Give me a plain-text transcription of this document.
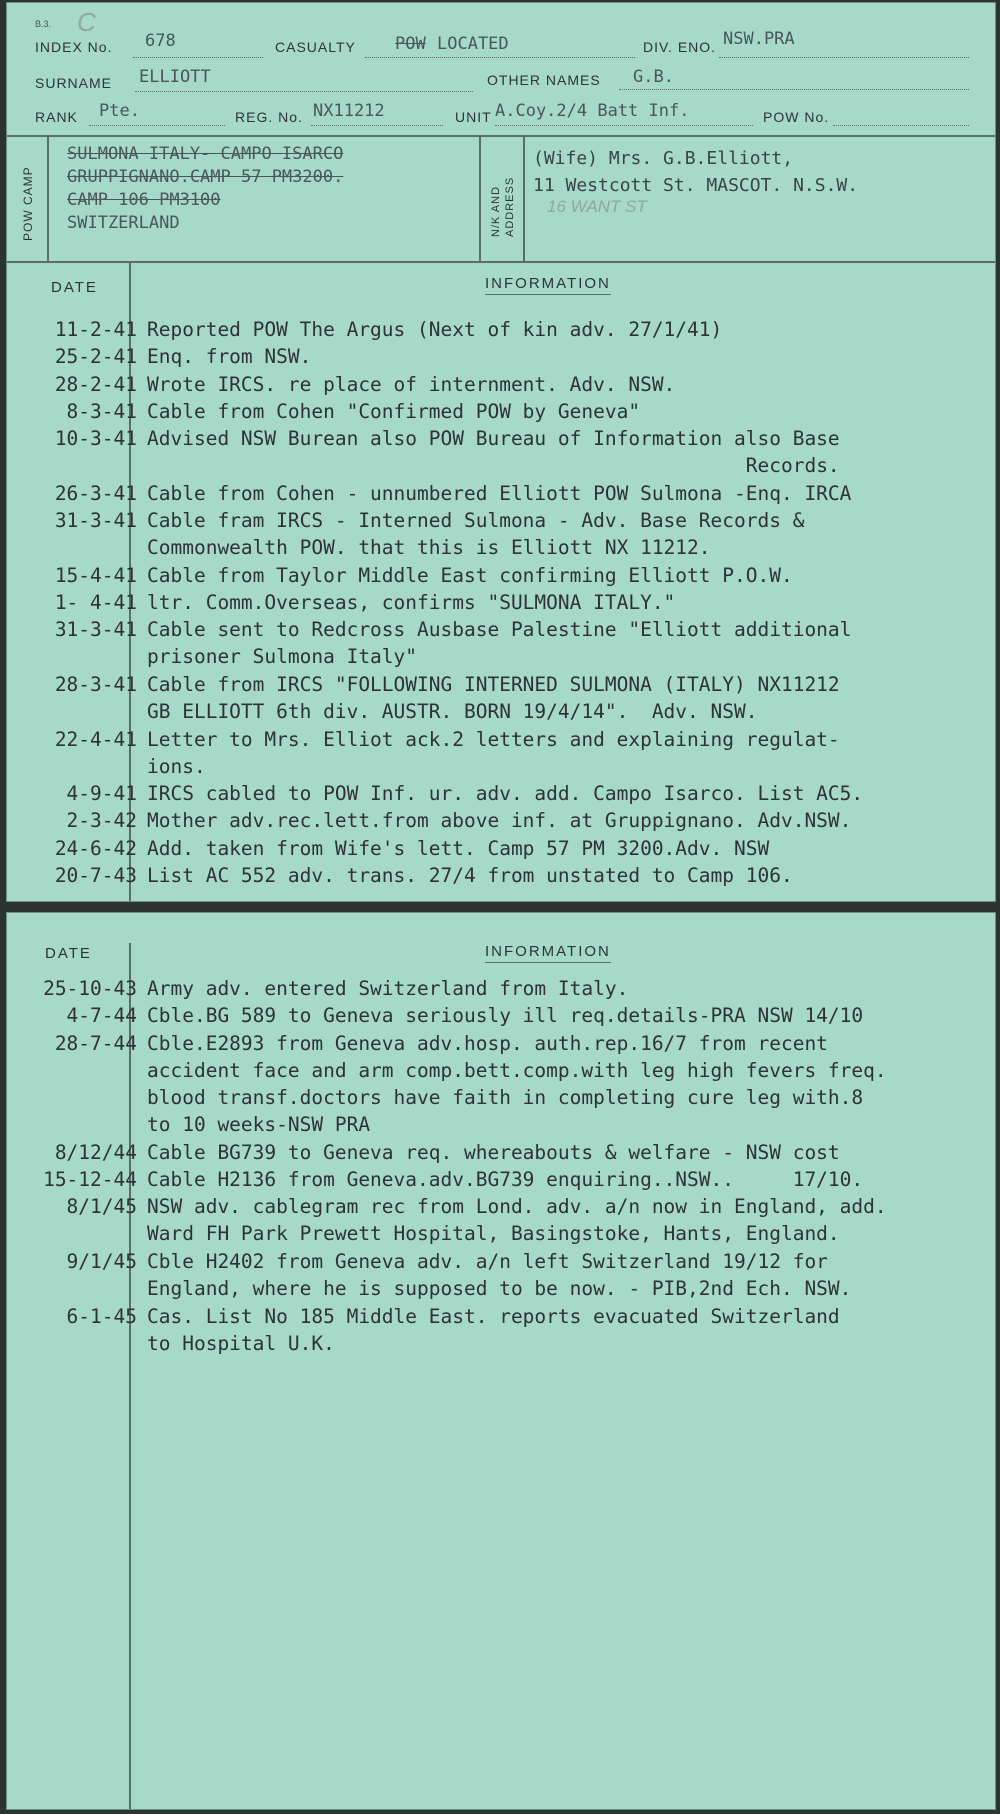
B.3. C
INDEX No. 678	CASUALTY POW LOCATED	DIV. ENO. NSW.PRA
SURNAME ELLIOTT	OTHER NAMES G.B.
RANK Pte.	REG. No. NX11212	UNIT A.Coy.2/4 Batt Inf.	POW No.
POW CAMP
SULMONA ITALY- CAMPO ISARCO
GRUPPIGNANO.CAMP 57 PM3200.
CAMP 106 PM3100
SWITZERLAND	N/K AND ADDRESS
(Wife) Mrs. G.B.Elliott,
11 Westcott St. MASCOT. N.S.W.
16 WANT ST
DATE	INFORMATION
11-2-41 Reported POW The Argus (Next of kin adv. 27/1/41)
25-2-41 Enq. from NSW.
28-2-41 Wrote IRCS. re place of internment. Adv. NSW.
8-3-41 Cable from Cohen "Confirmed POW by Geneva"
10-3-41 Advised NSW Burean also POW Bureau of Information also Base
Records.
26-3-41 Cable from Cohen - unnumbered Elliott POW Sulmona -Enq. IRCA
31-3-41 Cable fram IRCS - Interned Sulmona - Adv. Base Records &
Commonwealth POW. that this is Elliott NX 11212.
15-4-41 Cable from Taylor Middle East confirming Elliott P.O.W.
1- 4-41 ltr. Comm.Overseas, confirms "SULMONA ITALY."
31-3-41 Cable sent to Redcross Ausbase Palestine "Elliott additional
prisoner Sulmona Italy"
28-3-41 Cable from IRCS "FOLLOWING INTERNED SULMONA (ITALY) NX11212
GB ELLIOTT 6th div. AUSTR. BORN 19/4/14".  Adv. NSW.
22-4-41 Letter to Mrs. Elliot ack.2 letters and explaining regulat-
ions.
4-9-41 IRCS cabled to POW Inf. ur. adv. add. Campo Isarco. List AC5.
2-3-42 Mother adv.rec.lett.from above inf. at Gruppignano. Adv.NSW.
24-6-42 Add. taken from Wife's lett. Camp 57 PM 3200.Adv. NSW
20-7-43 List AC 552 adv. trans. 27/4 from unstated to Camp 106.
DATE	INFORMATION
25-10-43 Army adv. entered Switzerland from Italy.
4-7-44 Cble.BG 589 to Geneva seriously ill req.details-PRA NSW 14/10
28-7-44 Cble.E2893 from Geneva adv.hosp. auth.rep.16/7 from recent
accident face and arm comp.bett.comp.with leg high fevers freq.
blood transf.doctors have faith in completing cure leg with.8
to 10 weeks-NSW PRA
8/12/44 Cable BG739 to Geneva req. whereabouts & welfare - NSW cost
15-12-44 Cable H2136 from Geneva.adv.BG739 enquiring..NSW..     17/10.
8/1/45 NSW adv. cablegram rec from Lond. adv. a/n now in England, add.
Ward FH Park Prewett Hospital, Basingstoke, Hants, England.
9/1/45 Cble H2402 from Geneva adv. a/n left Switzerland 19/12 for
England, where he is supposed to be now. - PIB,2nd Ech. NSW.
6-1-45 Cas. List No 185 Middle East. reports evacuated Switzerland
to Hospital U.K.
